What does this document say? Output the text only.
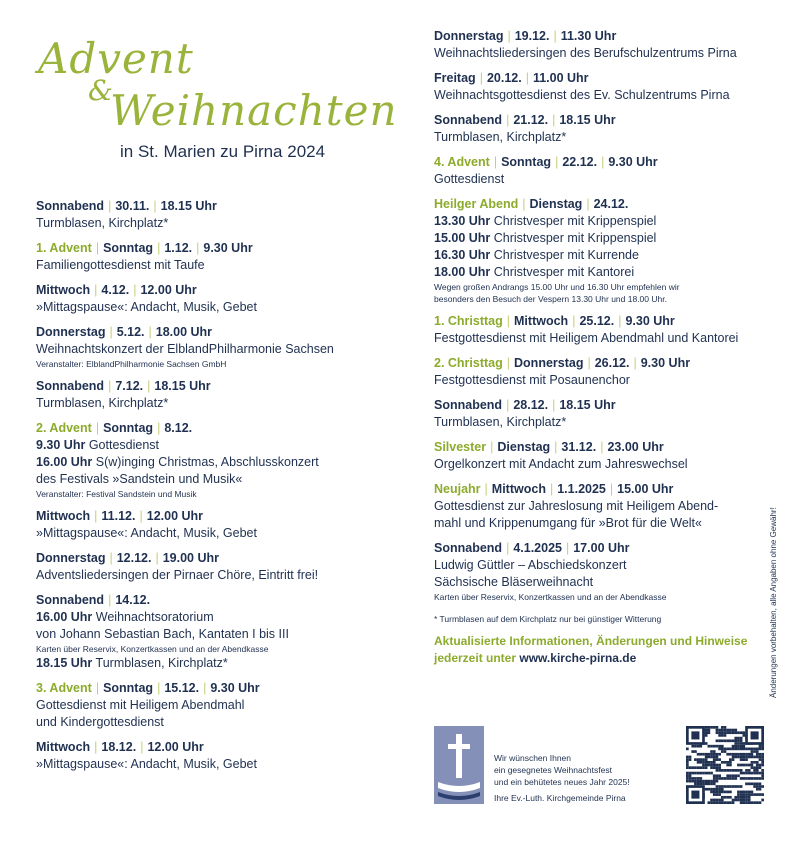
Advent
&
Weihnachten
in St. Marien zu Pirna 2024
Sonnabend | 30.11. | 18.15 Uhr
Turmblasen, Kirchplatz*
1. Advent | Sonntag | 1.12. | 9.30 Uhr
Familiengottesdienst mit Taufe
Mittwoch | 4.12. | 12.00 Uhr
»Mittagspause«: Andacht, Musik, Gebet
Donnerstag | 5.12. | 18.00 Uhr
Weihnachtskonzert der ElblandPhilharmonie Sachsen
Veranstalter: ElblandPhilharmonie Sachsen GmbH
Sonnabend | 7.12. | 18.15 Uhr
Turmblasen, Kirchplatz*
2. Advent | Sonntag | 8.12.
9.30 Uhr Gottesdienst
16.00 Uhr S(w)inging Christmas, Abschlusskonzert
des Festivals »Sandstein und Musik«
Veranstalter: Festival Sandstein und Musik
Mittwoch | 11.12. | 12.00 Uhr
»Mittagspause«: Andacht, Musik, Gebet
Donnerstag | 12.12. | 19.00 Uhr
Adventsliedersingen der Pirnaer Chöre, Eintritt frei!
Sonnabend | 14.12.
16.00 Uhr Weihnachtsoratorium
von Johann Sebastian Bach, Kantaten I bis III
Karten über Reservix, Konzertkassen und an der Abendkasse
18.15 Uhr Turmblasen, Kirchplatz*
3. Advent | Sonntag | 15.12. | 9.30 Uhr
Gottesdienst mit Heiligem Abendmahl
und Kindergottesdienst
Mittwoch | 18.12. | 12.00 Uhr
»Mittagspause«: Andacht, Musik, Gebet
Donnerstag | 19.12. | 11.30 Uhr
Weihnachtsliedersingen des Berufschulzentrums Pirna
Freitag | 20.12. | 11.00 Uhr
Weihnachtsgottesdienst des Ev. Schulzentrums Pirna
Sonnabend | 21.12. | 18.15 Uhr
Turmblasen, Kirchplatz*
4. Advent | Sonntag | 22.12. | 9.30 Uhr
Gottesdienst
Heilger Abend | Dienstag | 24.12.
13.30 Uhr Christvesper mit Krippenspiel
15.00 Uhr Christvesper mit Krippenspiel
16.30 Uhr Christvesper mit Kurrende
18.00 Uhr Christvesper mit Kantorei
Wegen großen Andrangs 15.00 Uhr und 16.30 Uhr empfehlen wir
besonders den Besuch der Vespern 13.30 Uhr und 18.00 Uhr.
1. Christtag | Mittwoch | 25.12. | 9.30 Uhr
Festgottesdienst mit Heiligem Abendmahl und Kantorei
2. Christtag | Donnerstag | 26.12. | 9.30 Uhr
Festgottesdienst mit Posaunenchor
Sonnabend | 28.12. | 18.15 Uhr
Turmblasen, Kirchplatz*
Silvester | Dienstag | 31.12. | 23.00 Uhr
Orgelkonzert mit Andacht zum Jahreswechsel
Neujahr | Mittwoch | 1.1.2025 | 15.00 Uhr
Gottesdienst zur Jahreslosung mit Heiligem Abend-
mahl und Krippenumgang für »Brot für die Welt«
Sonnabend | 4.1.2025 | 17.00 Uhr
Ludwig Güttler – Abschiedskonzert
Sächsische Bläserweihnacht
Karten über Reservix, Konzertkassen und an der Abendkasse
* Turmblasen auf dem Kirchplatz nur bei günstiger Witterung
Aktualisierte Informationen, Änderungen und Hinweise
jederzeit unter www.kirche-pirna.de	Änderungen vorbehalten, alle Angaben ohne Gewähr!
Wir wünschen Ihnen
ein gesegnetes Weihnachtsfest
und ein behütetes neues Jahr 2025!
Ihre Ev.-Luth. Kirchgemeinde Pirna
